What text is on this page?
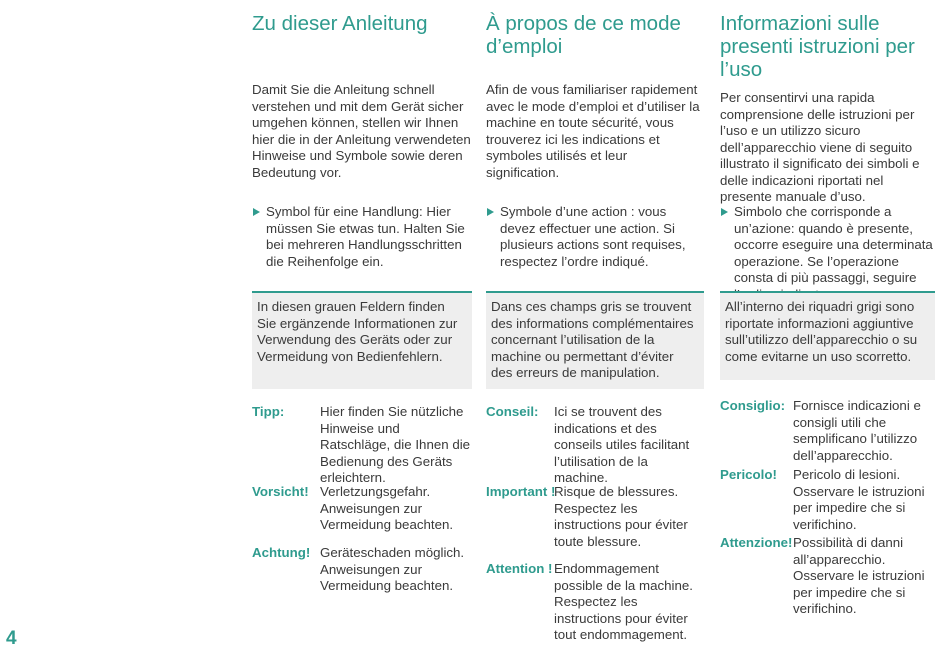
Zu dieser Anleitung

Damit Sie die Anleitung schnell verstehen und mit dem Gerät sicher umgehen können, stellen wir Ihnen hier die in der Anleitung verwendeten Hinweise und Symbole sowie deren Bedeutung vor.

Symbol für eine Handlung: Hier müssen Sie etwas tun. Halten Sie bei mehreren Handlungsschritten die Reihenfolge ein.
In diesen grauen Feldern finden Sie ergänzende Informationen zur Verwendung des Geräts oder zur Vermeidung von Bedienfehlern.
Tipp:	Hier finden Sie nützliche Hinweise und Ratschläge, die Ihnen die Bedienung des Geräts erleichtern.
Vorsicht! Verletzungsgefahr. Anweisungen zur Vermeidung beachten.
Achtung! Geräteschaden möglich. Anweisungen zur Vermeidung beachten.
À propos de ce mode d’emploi

Afin de vous familiariser rapidement avec le mode d’emploi et d’utiliser la machine en toute sécurité, vous trouverez ici les indications et symboles utilisés et leur signification.

Symbole d’une action : vous devez effectuer une action. Si plusieurs actions sont requises, respectez l’ordre indiqué.
Dans ces champs gris se trouvent des informations complémentaires concernant l’utilisation de la machine ou permettant d’éviter des erreurs de manipulation.
Conseil: Ici se trouvent des indications et des conseils utiles facilitant l’utilisation de la machine.
Important !
Risque de blessures. Respectez les instructions pour éviter toute blessure.
Attention ! Endommagement possible de la machine. Respectez les instructions pour éviter tout endommagement.
Informazioni sulle presenti istruzioni per l’uso

Per consentirvi una rapida comprensione delle istruzioni per l’uso e un utilizzo sicuro dell’apparecchio viene di seguito illustrato il significato dei simboli e delle indicazioni riportati nel presente manuale d’uso.

Simbolo che corrisponde a un’azione: quando è presente, occorre eseguire una determinata operazione. Se l’operazione consta di più passaggi, seguire
All’interno dei riquadri grigi sono riportate informazioni aggiuntive sull’utilizzo dell’apparecchio o su come evitarne un uso scorretto.
Consiglio: Fornisce indicazioni e consigli utili che semplificano l’utilizzo dell’apparecchio.
Pericolo! Pericolo di lesioni. Osservare le istruzioni per impedire che si verifichino.
Attenzione! Possibilità di danni all’apparecchio. Osservare le istruzioni per impedire che si verifichino.
4
